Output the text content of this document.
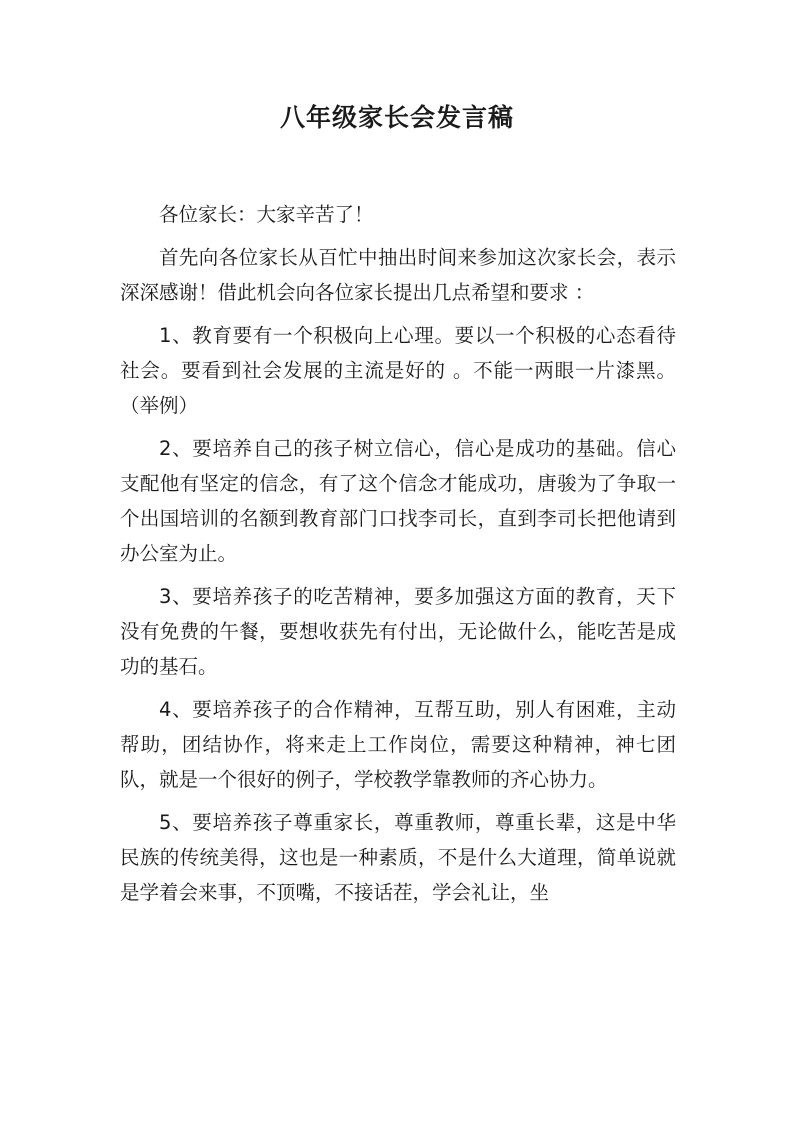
八年级家长会发言稿

各位家长：大家辛苦了！

首先向各位家长从百忙中抽出时间来参加这次家长会，表示深深感谢！借此机会向各位家长提出几点希望和要求 ：

1、教育要有一个积极向上心理。要以一个积极的心态看待社会。要看到社会发展的主流是好的 。不能一两眼一片漆黑。（举例）

2、要培养自己的孩子树立信心，信心是成功的基础。信心支配他有坚定的信念，有了这个信念才能成功，唐骏为了争取一个出国培训的名额到教育部门口找李司长，直到李司长把他请到办公室为止。

3、要培养孩子的吃苦精神，要多加强这方面的教育，天下没有免费的午餐，要想收获先有付出，无论做什么，能吃苦是成功的基石。

4、要培养孩子的合作精神，互帮互助，别人有困难，主动帮助，团结协作，将来走上工作岗位，需要这种精神，神七团队，就是一个很好的例子，学校教学靠教师的齐心协力。

5、要培养孩子尊重家长，尊重教师，尊重长辈，这是中华民族的传统美得，这也是一种素质，不是什么大道理，简单说就是学着会来事，不顶嘴，不接话茬，学会礼让，坐
